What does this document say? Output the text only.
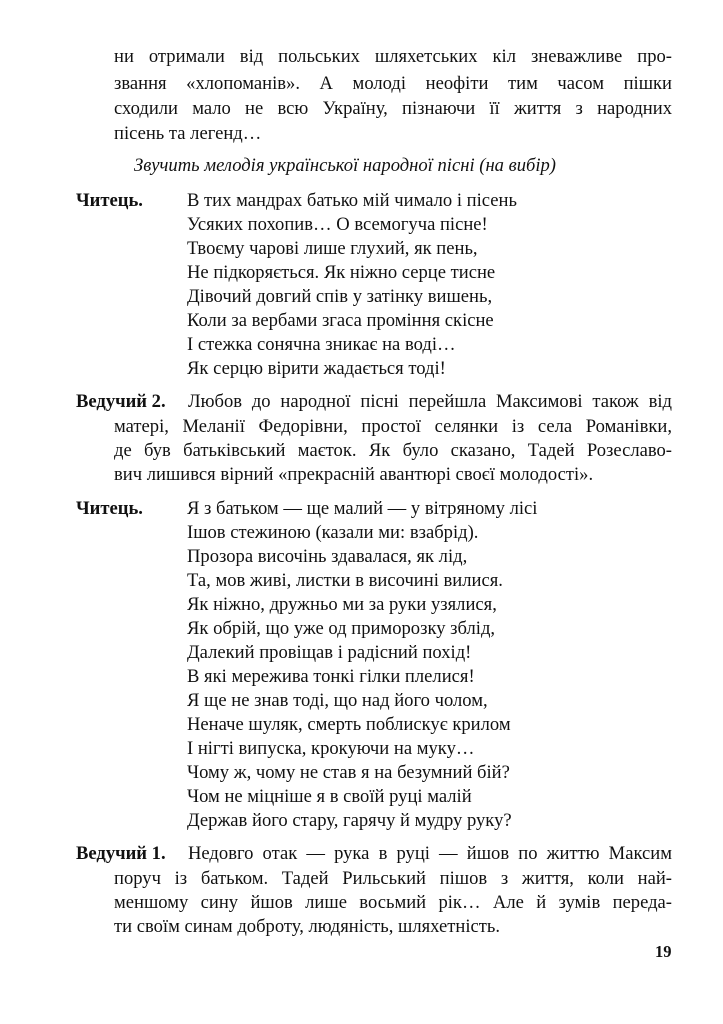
ни отримали від польських шляхетських кіл зневажливе про-
звання «хлопоманів». А молоді неофіти тим часом пішки
сходили мало не всю Україну, пізнаючи її життя з народних
пісень та легенд…
Звучить мелодія української народної пісні (на вибір)
Читець. В тих мандрах батько мій чимало і пісень
Усяких похопив… О всемогуча пісне!
Твоєму чарові лише глухий, як пень,
Не підкоряється. Як ніжно серце тисне
Дівочий довгий спів у затінку вишень,
Коли за вербами згаса проміння скісне
І стежка сонячна зникає на воді…
Як серцю вірити жадається тоді!
Ведучий 2. Любов до народної пісні перейшла Максимові також від
матері, Меланії Федорівни, простої селянки із села Романівки,
де був батьківський маєток. Як було сказано, Тадей Розеславо-
вич лишився вірний «прекрасній авантюрі своєї молодості».
Читець. Я з батьком — ще малий — у вітряному лісі
Ішов стежиною (казали ми: взабрід).
Прозора височінь здавалася, як лід,
Та, мов живі, листки в височині вилися.
Як ніжно, дружньо ми за руки узялися,
Як обрій, що уже од приморозку зблід,
Далекий провіщав і радісний похід!
В які мережива тонкі гілки плелися!
Я ще не знав тоді, що над його чолом,
Неначе шуляк, смерть поблискує крилом
І нігті випуска, крокуючи на муку…
Чому ж, чому не став я на безумний бій?
Чом не міцніше я в своїй руці малій
Держав його стару, гарячу й мудру руку?
Ведучий 1. Недовго отак — рука в руці — йшов по життю Максим
поруч із батьком. Тадей Рильський пішов з життя, коли най-
меншому сину йшов лише восьмий рік… Але й зумів переда-
ти своїм синам доброту, людяність, шляхетність.
19
